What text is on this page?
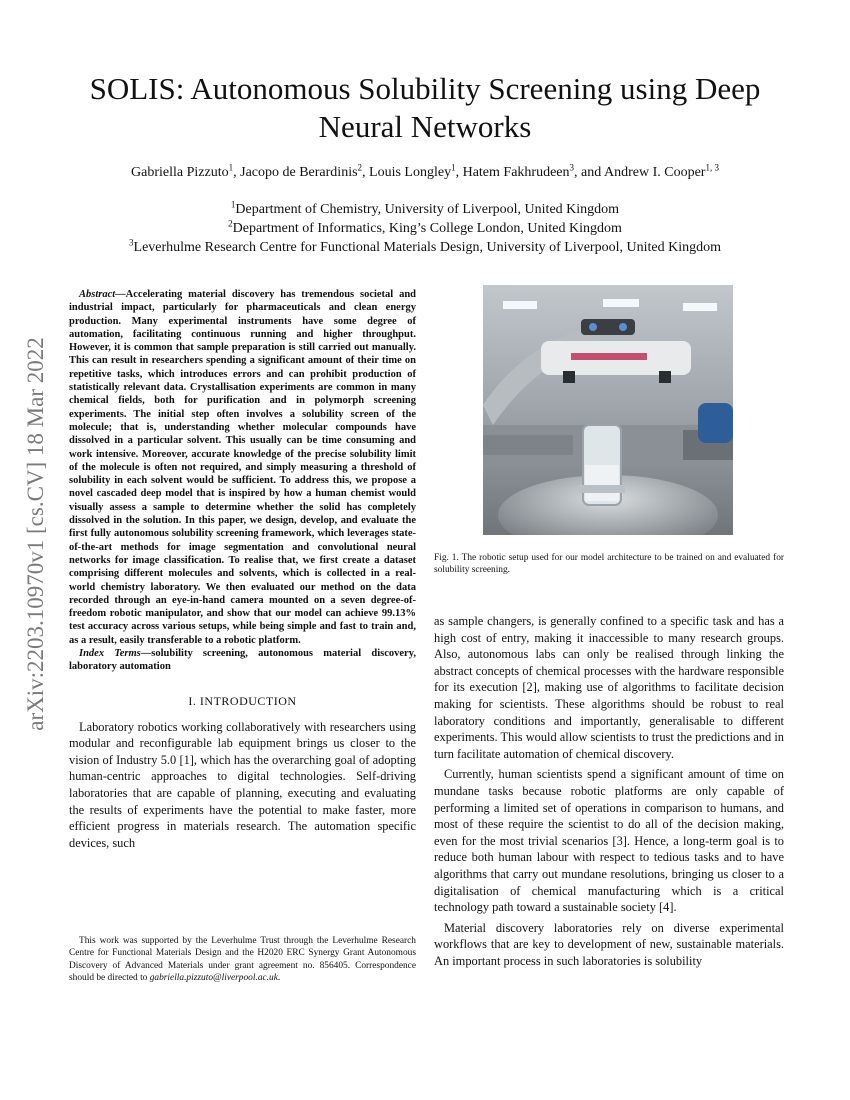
SOLIS: Autonomous Solubility Screening using Deep Neural Networks
Gabriella Pizzuto$^1$, Jacopo de Berardinis$^2$, Louis Longley$^1$, Hatem Fakhrudeen$^3$, and Andrew I. Cooper$^{1, 3}$
$^1$Department of Chemistry, University of Liverpool, United Kingdom
$^2$Department of Informatics, King’s College London, United Kingdom
$^3$Leverhulme Research Centre for Functional Materials Design, University of Liverpool, United Kingdom
arXiv:2203.10970v1 [cs.CV] 18 Mar 2022

Abstract—Accelerating material discovery has tremendous societal and industrial impact, particularly for pharmaceuticals and clean energy production. Many experimental instruments have some degree of automation, facilitating continuous running and higher throughput. However, it is common that sample preparation is still carried out manually. This can result in researchers spending a significant amount of their time on repetitive tasks, which introduces errors and can prohibit production of statistically relevant data. Crystallisation experiments are common in many chemical fields, both for purification and in polymorph screening experiments. The initial step often involves a solubility screen of the molecule; that is, understanding whether molecular compounds have dissolved in a particular solvent. This usually can be time consuming and work intensive. Moreover, accurate knowledge of the precise solubility limit of the molecule is often not required, and simply measuring a threshold of solubility in each solvent would be sufficient. To address this, we propose a novel cascaded deep model that is inspired by how a human chemist would visually assess a sample to determine whether the solid has completely dissolved in the solution. In this paper, we design, develop, and evaluate the first fully autonomous solubility screening framework, which leverages state-of-the-art methods for image segmentation and convolutional neural networks for image classification. To realise that, we first create a dataset comprising different molecules and solvents, which is collected in a real-world chemistry laboratory. We then evaluated our method on the data recorded through an eye-in-hand camera mounted on a seven degree-of-freedom robotic manipulator, and show that our model can achieve 99.13% test accuracy across various setups, while being simple and fast to train and, as a result, easily transferable to a robotic platform.

Index Terms—solubility screening, autonomous material discovery, laboratory automation

I. INTRODUCTION

Laboratory robotics working collaboratively with researchers using modular and reconfigurable lab equipment brings us closer to the vision of Industry 5.0 [1], which has the overarching goal of adopting human-centric approaches to digital technologies. Self-driving laboratories that are capable of planning, executing and evaluating the results of experiments have the potential to make faster, more efficient progress in materials research. The automation specific devices, such

This work was supported by the Leverhulme Trust through the Leverhulme Research Centre for Functional Materials Design and the H2020 ERC Synergy Grant Autonomous Discovery of Advanced Materials under grant agreement no. 856405. Correspondence should be directed to gabriella.pizzuto@liverpool.ac.uk.
Fig. 1. The robotic setup used for our model architecture to be trained on and evaluated for solubility screening.

as sample changers, is generally confined to a specific task and has a high cost of entry, making it inaccessible to many research groups. Also, autonomous labs can only be realised through linking the abstract concepts of chemical processes with the hardware responsible for its execution [2], making use of algorithms to facilitate decision making for scientists. These algorithms should be robust to real laboratory conditions and importantly, generalisable to different experiments. This would allow scientists to trust the predictions and in turn facilitate automation of chemical discovery.

Currently, human scientists spend a significant amount of time on mundane tasks because robotic platforms are only capable of performing a limited set of operations in comparison to humans, and most of these require the scientist to do all of the decision making, even for the most trivial scenarios [3]. Hence, a long-term goal is to reduce both human labour with respect to tedious tasks and to have algorithms that carry out mundane resolutions, bringing us closer to a digitalisation of chemical manufacturing which is a critical technology path toward a sustainable society [4].

Material discovery laboratories rely on diverse experimental workflows that are key to development of new, sustainable materials. An important process in such laboratories is solubility
